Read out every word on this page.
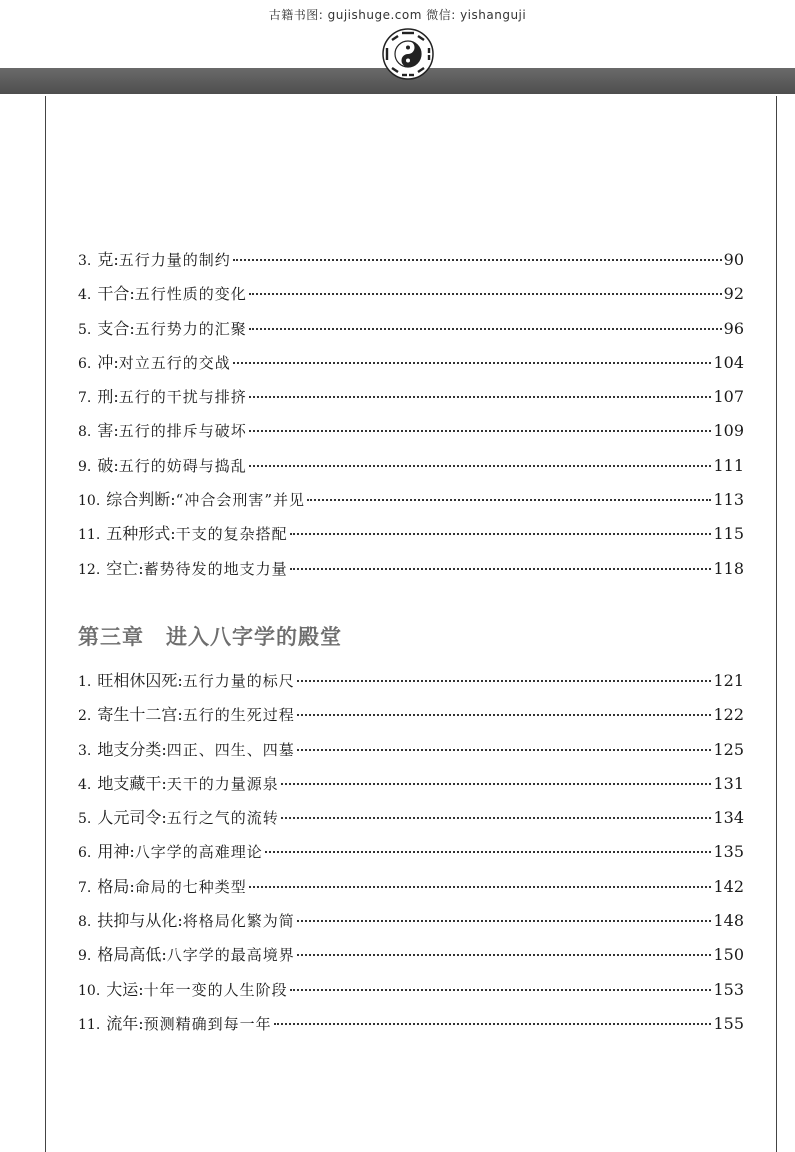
古籍书图: gujishuge.com 微信: yishanguji
3. 克 : 五行力量的制约	90
4. 干合 : 五行性质的变化	92
5. 支合 : 五行势力的汇聚	96
6. 冲 : 对立五行的交战	104
7. 刑 : 五行的干扰与排挤	107
8. 害 : 五行的排斥与破坏	109
9. 破 : 五行的妨碍与捣乱	111
10. 综合判断 : “冲合会刑害”并见	113
11. 五种形式 : 干支的复杂搭配	115
12. 空亡 : 蓄势待发的地支力量	118
第三章 进入八字学的殿堂
1. 旺相休囚死 : 五行力量的标尺	121
2. 寄生十二宫 : 五行的生死过程	122
3. 地支分类 : 四正、四生、四墓	125
4. 地支藏干 : 天干的力量源泉	131
5. 人元司令 : 五行之气的流转	134
6. 用神 : 八字学的高难理论	135
7. 格局 : 命局的七种类型	142
8. 扶抑与从化 : 将格局化繁为简	148
9. 格局高低 : 八字学的最高境界	150
10. 大运 : 十年一变的人生阶段	153
11. 流年 : 预测精确到每一年	155
